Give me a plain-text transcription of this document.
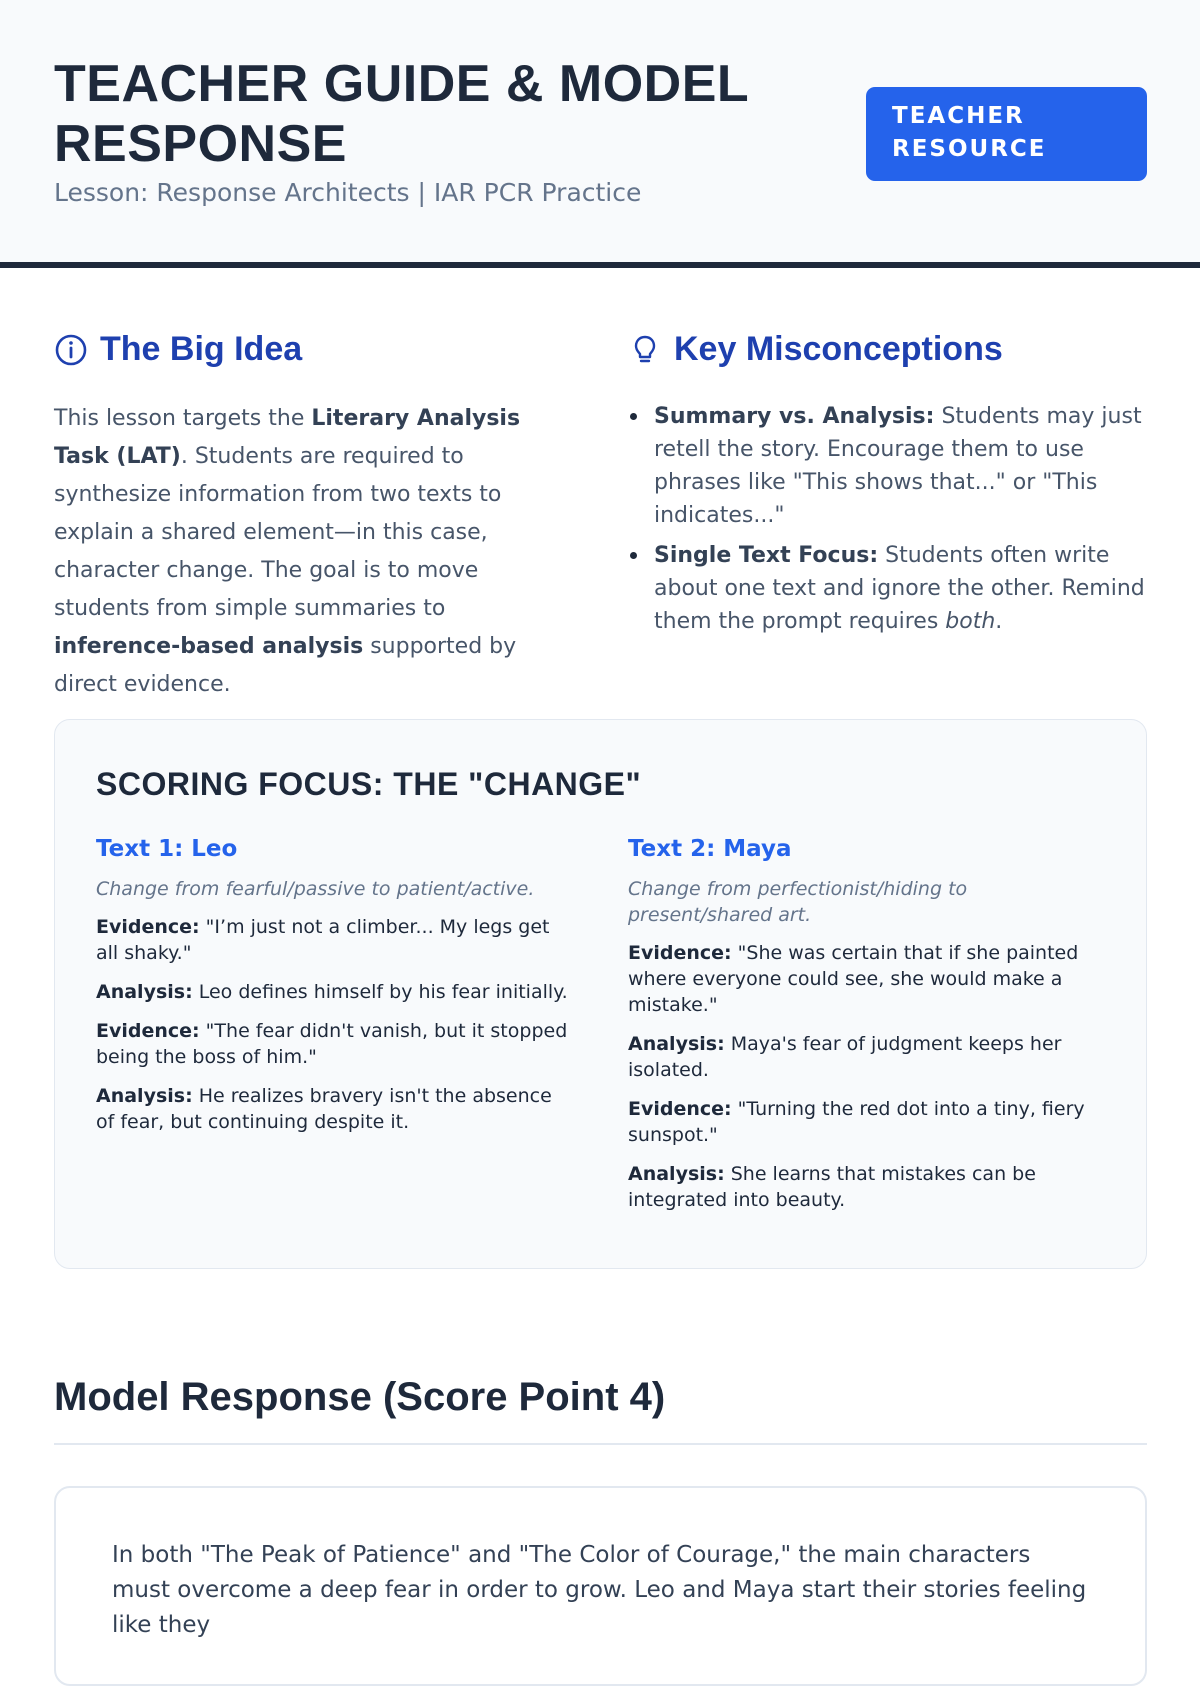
TEACHER GUIDE & MODEL RESPONSE
Lesson: Response Architects | IAR PCR Practice
TEACHER RESOURCE
The Big Idea
This lesson targets the Literary Analysis Task (LAT). Students are required to synthesize information from two texts to explain a shared element—in this case, character change. The goal is to move students from simple summaries to inference-based analysis supported by direct evidence.
Key Misconceptions
Summary vs. Analysis: Students may just retell the story. Encourage them to use phrases like "This shows that..." or "This indicates..."
Single Text Focus: Students often write about one text and ignore the other. Remind them the prompt requires both.
SCORING FOCUS: THE "CHANGE"
Text 1: Leo
Change from fearful/passive to patient/active.
Evidence: "I’m just not a climber... My legs get all shaky."
Analysis: Leo defines himself by his fear initially.
Evidence: "The fear didn't vanish, but it stopped being the boss of him."
Analysis: He realizes bravery isn't the absence of fear, but continuing despite it.
Text 2: Maya
Change from perfectionist/hiding to present/shared art.
Evidence: "She was certain that if she painted where everyone could see, she would make a mistake."
Analysis: Maya's fear of judgment keeps her isolated.
Evidence: "Turning the red dot into a tiny, fiery sunspot."
Analysis: She learns that mistakes can be integrated into beauty.
Model Response (Score Point 4)

In both "The Peak of Patience" and "The Color of Courage," the main characters must overcome a deep fear in order to grow. Leo and Maya start their stories feeling like they
